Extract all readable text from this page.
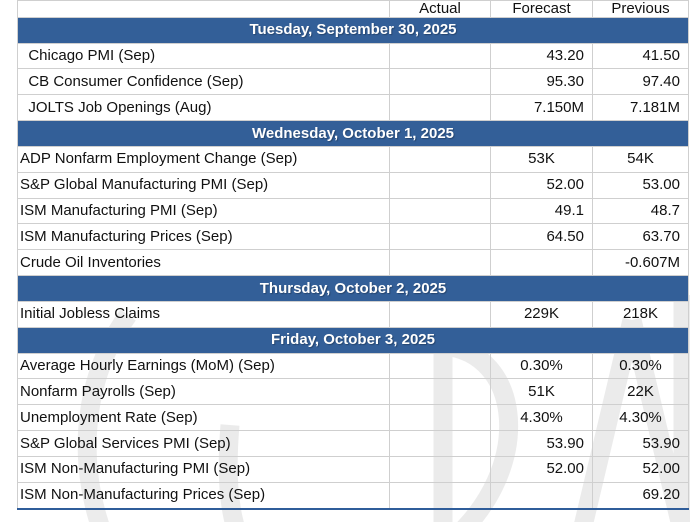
	Actual	Forecast	Previous
Tuesday, September 30, 2025			
Chicago PMI (Sep)		43.20	41.50
CB Consumer Confidence (Sep)		95.30	97.40
JOLTS Job Openings (Aug)		7.150M	7.181M
Wednesday, October 1, 2025			
ADP Nonfarm Employment Change (Sep)		53K	54K
S&P Global Manufacturing PMI (Sep)		52.00	53.00
ISM Manufacturing PMI (Sep)		49.1	48.7
ISM Manufacturing Prices (Sep)		64.50	63.70
Crude Oil Inventories			-0.607M
Thursday, October 2, 2025			
Initial Jobless Claims		229K	218K
Friday, October 3, 2025			
Average Hourly Earnings (MoM) (Sep)		0.30%	0.30%
Nonfarm Payrolls (Sep)		51K	22K
Unemployment Rate (Sep)		4.30%	4.30%
S&P Global Services PMI (Sep)		53.90	53.90
ISM Non-Manufacturing PMI (Sep)		52.00	52.00
ISM Non-Manufacturing Prices (Sep)			69.20
